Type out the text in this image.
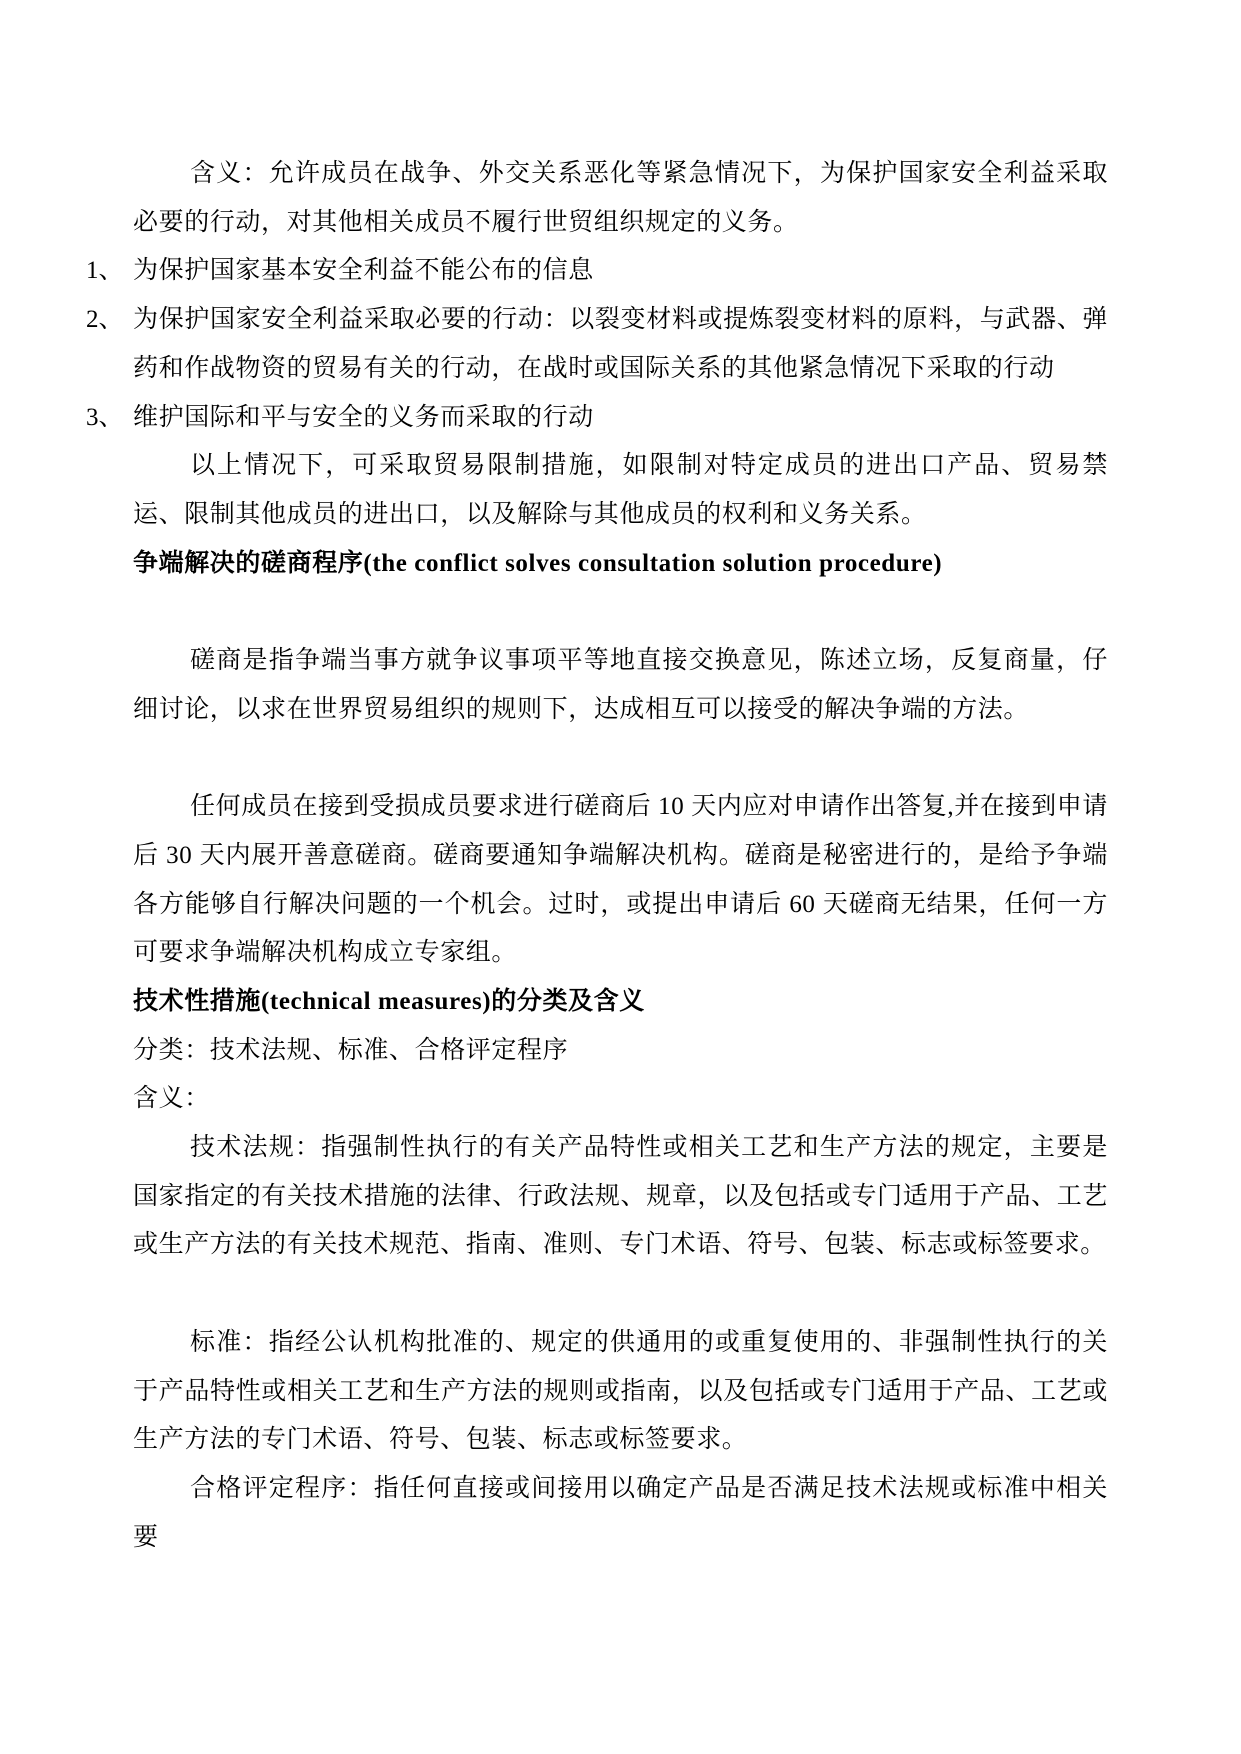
含义：允许成员在战争、外交关系恶化等紧急情况下，为保护国家安全利益采取必要的行动，对其他相关成员不履行世贸组织规定的义务。

1、 为保护国家基本安全利益不能公布的信息

2、 为保护国家安全利益采取必要的行动：以裂变材料或提炼裂变材料的原料，与武器、弹药和作战物资的贸易有关的行动，在战时或国际关系的其他紧急情况下采取的行动

3、 维护国际和平与安全的义务而采取的行动

以上情况下，可采取贸易限制措施，如限制对特定成员的进出口产品、贸易禁运、限制其他成员的进出口，以及解除与其他成员的权利和义务关系。

争端解决的磋商程序(the conflict solves consultation solution procedure)

磋商是指争端当事方就争议事项平等地直接交换意见，陈述立场，反复商量，仔细讨论，以求在世界贸易组织的规则下，达成相互可以接受的解决争端的方法。

任何成员在接到受损成员要求进行磋商后 10 天内应对申请作出答复,并在接到申请后 30 天内展开善意磋商。磋商要通知争端解决机构。磋商是秘密进行的，是给予争端各方能够自行解决问题的一个机会。过时，或提出申请后 60 天磋商无结果，任何一方可要求争端解决机构成立专家组。

技术性措施(technical measures)的分类及含义

分类：技术法规、标准、合格评定程序

含义：

技术法规：指强制性执行的有关产品特性或相关工艺和生产方法的规定，主要是国家指定的有关技术措施的法律、行政法规、规章，以及包括或专门适用于产品、工艺或生产方法的有关技术规范、指南、准则、专门术语、符号、包装、标志或标签要求。

标准：指经公认机构批准的、规定的供通用的或重复使用的、非强制性执行的关于产品特性或相关工艺和生产方法的规则或指南，以及包括或专门适用于产品、工艺或生产方法的专门术语、符号、包装、标志或标签要求。

合格评定程序：指任何直接或间接用以确定产品是否满足技术法规或标准中相关要
